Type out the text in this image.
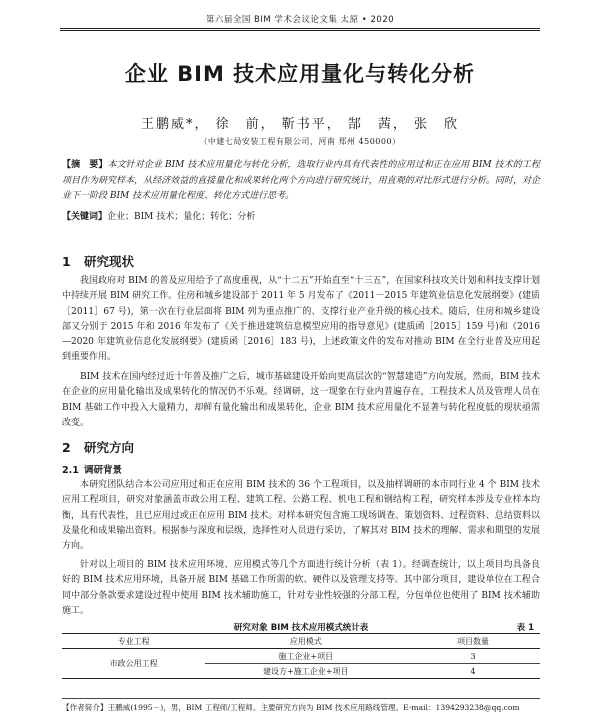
第六届全国 BIM 学术会议论文集 太原 • 2020
企业 BIM 技术应用量化与转化分析
王鹏威*， 徐　前， 靳书平， 郜　茜， 张　欣
（中建七局安装工程有限公司，河南 郑州 450000）
【摘　要】本文针对企业 BIM 技术应用量化与转化分析，选取行业内具有代表性的应用过和正在应用 BIM 技术的工程项目作为研究样本，从经济效益的直接量化和成果转化两个方向进行研究统计，用直观的对比形式进行分析。同时，对企业下一阶段 BIM 技术应用量化程度、转化方式进行思考。
【关键词】企业；BIM 技术；量化；转化；分析
1 研究现状
我国政府对 BIM 的普及应用给予了高度重视，从“十二五”开始直至“十三五”，在国家科技攻关计划和科技支撑计划中持续开展 BIM 研究工作。住房和城乡建设部于 2011 年 5 月发布了《2011－2015 年建筑业信息化发展纲要》(建质［2011］67 号)，第一次在行业层面将 BIM 列为重点推广的、支撑行业产业升级的核心技术。随后，住房和城乡建设部又分别于 2015 年和 2016 年发布了《关于推进建筑信息模型应用的指导意见》(建质函［2015］159 号)和《2016—2020 年建筑业信息化发展纲要》(建质函［2016］183 号)，上述政策文件的发布对推动 BIM 在全行业普及应用起到重要作用。
BIM 技术在国内经过近十年普及推广之后，城市基础建设开始向更高层次的“智慧建造”方向发展，然而，BIM 技术在企业的应用量化输出及成果转化的情况仍不乐观。经调研，这一现象在行业内普遍存在，工程技术人员及管理人员在 BIM 基础工作中投入大量精力，却鲜有量化输出和成果转化，企业 BIM 技术应用量化不显著与转化程度低的现状亟需改变。
2 研究方向
2.1 调研背景
本研究团队结合本公司应用过和正在应用 BIM 技术的 36 个工程项目，以及抽样调研的本市同行业 4 个 BIM 技术应用工程项目，研究对象涵盖市政公用工程、建筑工程、公路工程、机电工程和钢结构工程，研究样本涉及专业样本均衡，具有代表性，且已应用过或正在应用 BIM 技术。对样本研究包含施工现场调查、策划资料、过程资料、总结资料以及量化和成果输出资料。根据参与深度和层级，选择性对人员进行采访，了解其对 BIM 技术的理解、需求和期望的发展方向。
针对以上项目的 BIM 技术应用环境、应用模式等几个方面进行统计分析（表 1）。经调查统计，以上项目均具备良好的 BIM 技术应用环境，具备开展 BIM 基础工作所需的软、硬件以及管理支持等。其中部分项目，建设单位在工程合同中部分条款要求建设过程中使用 BIM 技术辅助施工，针对专业性较强的分部工程，分包单位也使用了 BIM 技术辅助施工。
研究对象 BIM 技术应用模式统计表	表 1
专业工程	应用模式	项目数量
市政公用工程	施工企业+项目	3
	建设方+施工企业+项目	4
【作者简介】王鹏威(1995－)，男，BIM 工程师/工程师。主要研究方向为 BIM 技术应用路线管理。E-mail：1394293238@qq.com
